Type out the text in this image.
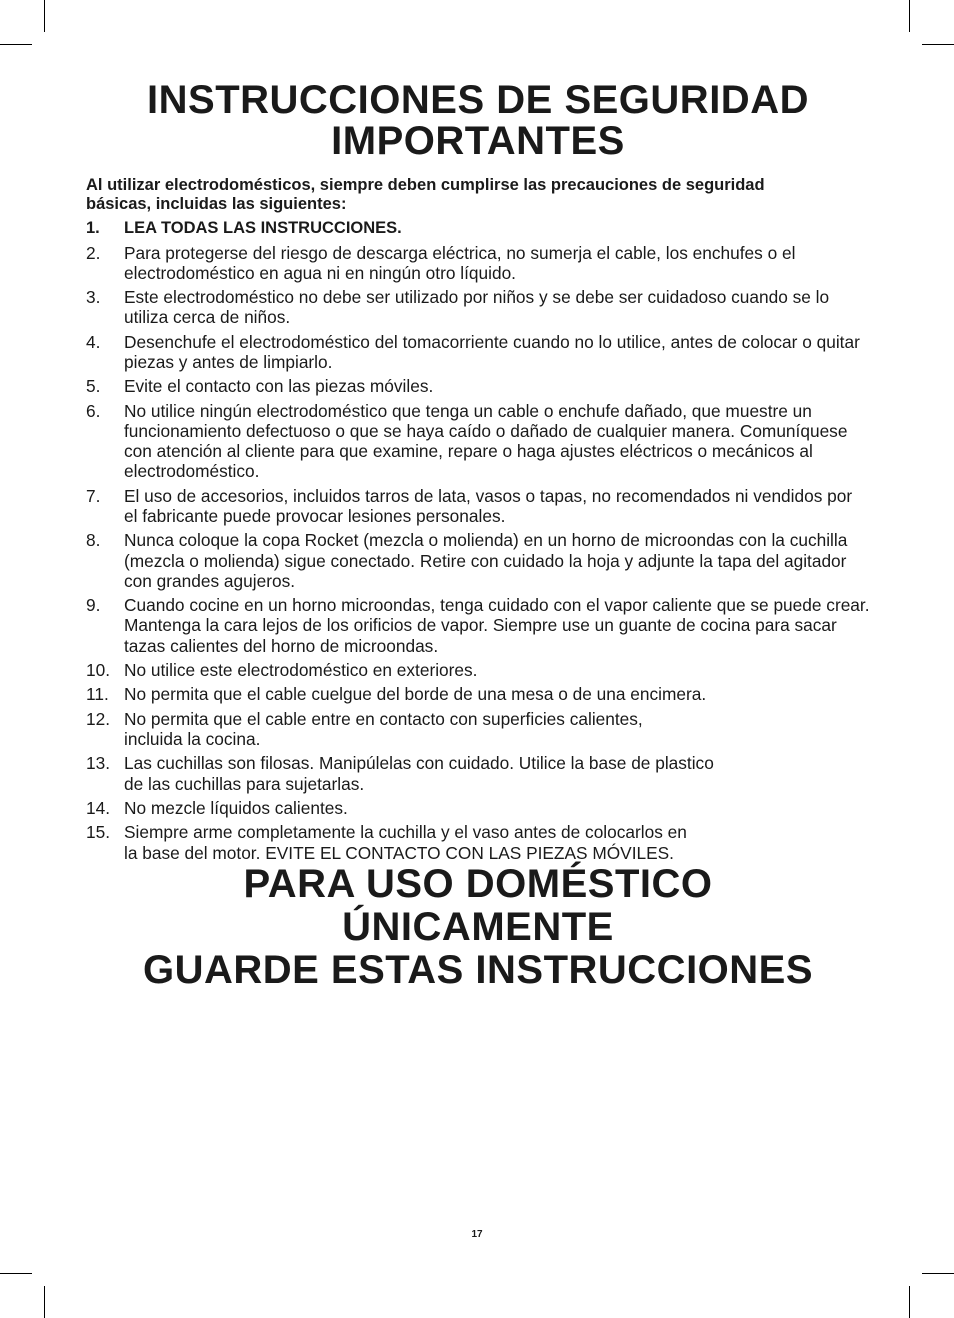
INSTRUCCIONES DE SEGURIDAD IMPORTANTES
Al utilizar electrodomésticos, siempre deben cumplirse las precauciones de seguridad básicas, incluidas las siguientes:
1. LEA TODAS LAS INSTRUCCIONES.
2. Para protegerse del riesgo de descarga eléctrica, no sumerja el cable, los enchufes o el electrodoméstico en agua ni en ningún otro líquido.
3. Este electrodoméstico no debe ser utilizado por niños y se debe ser cuidadoso cuando se lo utiliza cerca de niños.
4. Desenchufe el electrodoméstico del tomacorriente cuando no lo utilice, antes de colocar o quitar piezas y antes de limpiarlo.
5. Evite el contacto con las piezas móviles.
6. No utilice ningún electrodoméstico que tenga un cable o enchufe dañado, que muestre un funcionamiento defectuoso o que se haya caído o dañado de cualquier manera. Comuníquese con atención al cliente para que examine, repare o haga ajustes eléctricos o mecánicos al electrodoméstico.
7. El uso de accesorios, incluidos tarros de lata, vasos o tapas, no recomendados ni vendidos por el fabricante puede provocar lesiones personales.
8. Nunca coloque la copa Rocket (mezcla o molienda) en un horno de microondas con la cuchilla (mezcla o molienda) sigue conectado. Retire con cuidado la hoja y adjunte la tapa del agitador con grandes agujeros.
9. Cuando cocine en un horno microondas, tenga cuidado con el vapor caliente que se puede crear. Mantenga la cara lejos de los orificios de vapor. Siempre use un guante de cocina para sacar tazas calientes del horno de microondas.
10. No utilice este electrodoméstico en exteriores.
11. No permita que el cable cuelgue del borde de una mesa o de una encimera.
12. No permita que el cable entre en contacto con superficies calientes,
incluida la cocina.
13. Las cuchillas son filosas. Manipúlelas con cuidado. Utilice la base de plastico
de las cuchillas para sujetarlas.
14. No mezcle líquidos calientes.
15. Siempre arme completamente la cuchilla y el vaso antes de colocarlos en
la base del motor. EVITE EL CONTACTO CON LAS PIEZAS MÓVILES.
PARA USO DOMÉSTICO
ÚNICAMENTE
GUARDE ESTAS INSTRUCCIONES
17
